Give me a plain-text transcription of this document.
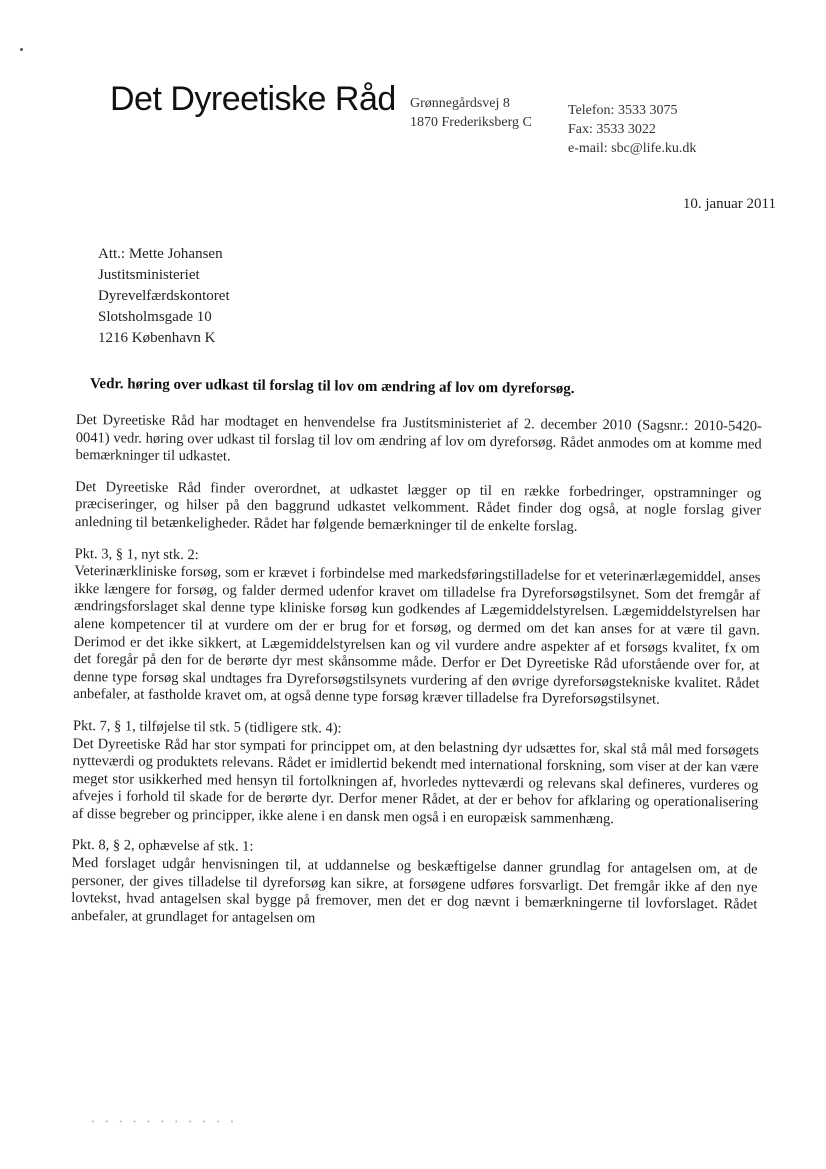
Det Dyreetiske Råd Grønnegårdsvej 8
1870 Frederiksberg C
Telefon: 3533 3075
Fax: 3533 3022
e-mail: sbc@life.ku.dk
10. januar 2011
Att.: Mette Johansen
Justitsministeriet
Dyrevelfærdskontoret
Slotsholmsgade 10
1216 København K
Vedr. høring over udkast til forslag til lov om ændring af lov om dyreforsøg.

Det Dyreetiske Råd har modtaget en henvendelse fra Justitsministeriet af 2. december 2010 (Sagsnr.: 2010-5420-0041) vedr. høring over udkast til forslag til lov om ændring af lov om dyreforsøg. Rådet anmodes om at komme med bemærkninger til udkastet.

Det Dyreetiske Råd finder overordnet, at udkastet lægger op til en række forbedringer, opstramninger og præciseringer, og hilser på den baggrund udkastet velkomment. Rådet finder dog også, at nogle forslag giver anledning til betænkeligheder. Rådet har følgende bemærkninger til de enkelte forslag.

Pkt. 3, § 1, nyt stk. 2:

Veterinærkliniske forsøg, som er krævet i forbindelse med markedsføringstilladelse for et veterinærlægemiddel, anses ikke længere for forsøg, og falder dermed udenfor kravet om tilladelse fra Dyreforsøgstilsynet. Som det fremgår af ændringsforslaget skal denne type kliniske forsøg kun godkendes af Lægemiddelstyrelsen. Lægemiddelstyrelsen har alene kompetencer til at vurdere om der er brug for et forsøg, og dermed om det kan anses for at være til gavn. Derimod er det ikke sikkert, at Lægemiddelstyrelsen kan og vil vurdere andre aspekter af et forsøgs kvalitet, fx om det foregår på den for de berørte dyr mest skånsomme måde. Derfor er Det Dyreetiske Råd uforstående over for, at denne type forsøg skal undtages fra Dyreforsøgstilsynets vurdering af den øvrige dyreforsøgstekniske kvalitet. Rådet anbefaler, at fastholde kravet om, at også denne type forsøg kræver tilladelse fra Dyreforsøgstilsynet.

Pkt. 7, § 1, tilføjelse til stk. 5 (tidligere stk. 4):

Det Dyreetiske Råd har stor sympati for princippet om, at den belastning dyr udsættes for, skal stå mål med forsøgets nytteværdi og produktets relevans. Rådet er imidlertid bekendt med international forskning, som viser at der kan være meget stor usikkerhed med hensyn til fortolkningen af, hvorledes nytteværdi og relevans skal defineres, vurderes og afvejes i forhold til skade for de berørte dyr. Derfor mener Rådet, at der er behov for afklaring og operationalisering af disse begreber og principper, ikke alene i en dansk men også i en europæisk sammenhæng.

Pkt. 8, § 2, ophævelse af stk. 1:

Med forslaget udgår henvisningen til, at uddannelse og beskæftigelse danner grundlag for antagelsen om, at de personer, der gives tilladelse til dyreforsøg kan sikre, at forsøgene udføres forsvarligt. Det fremgår ikke af den nye lovtekst, hvad antagelsen skal bygge på fremover, men det er dog nævnt i bemærkningerne til lovforslaget. Rådet anbefaler, at grundlaget for antagelsen om

· · · · · · · · · · ·
